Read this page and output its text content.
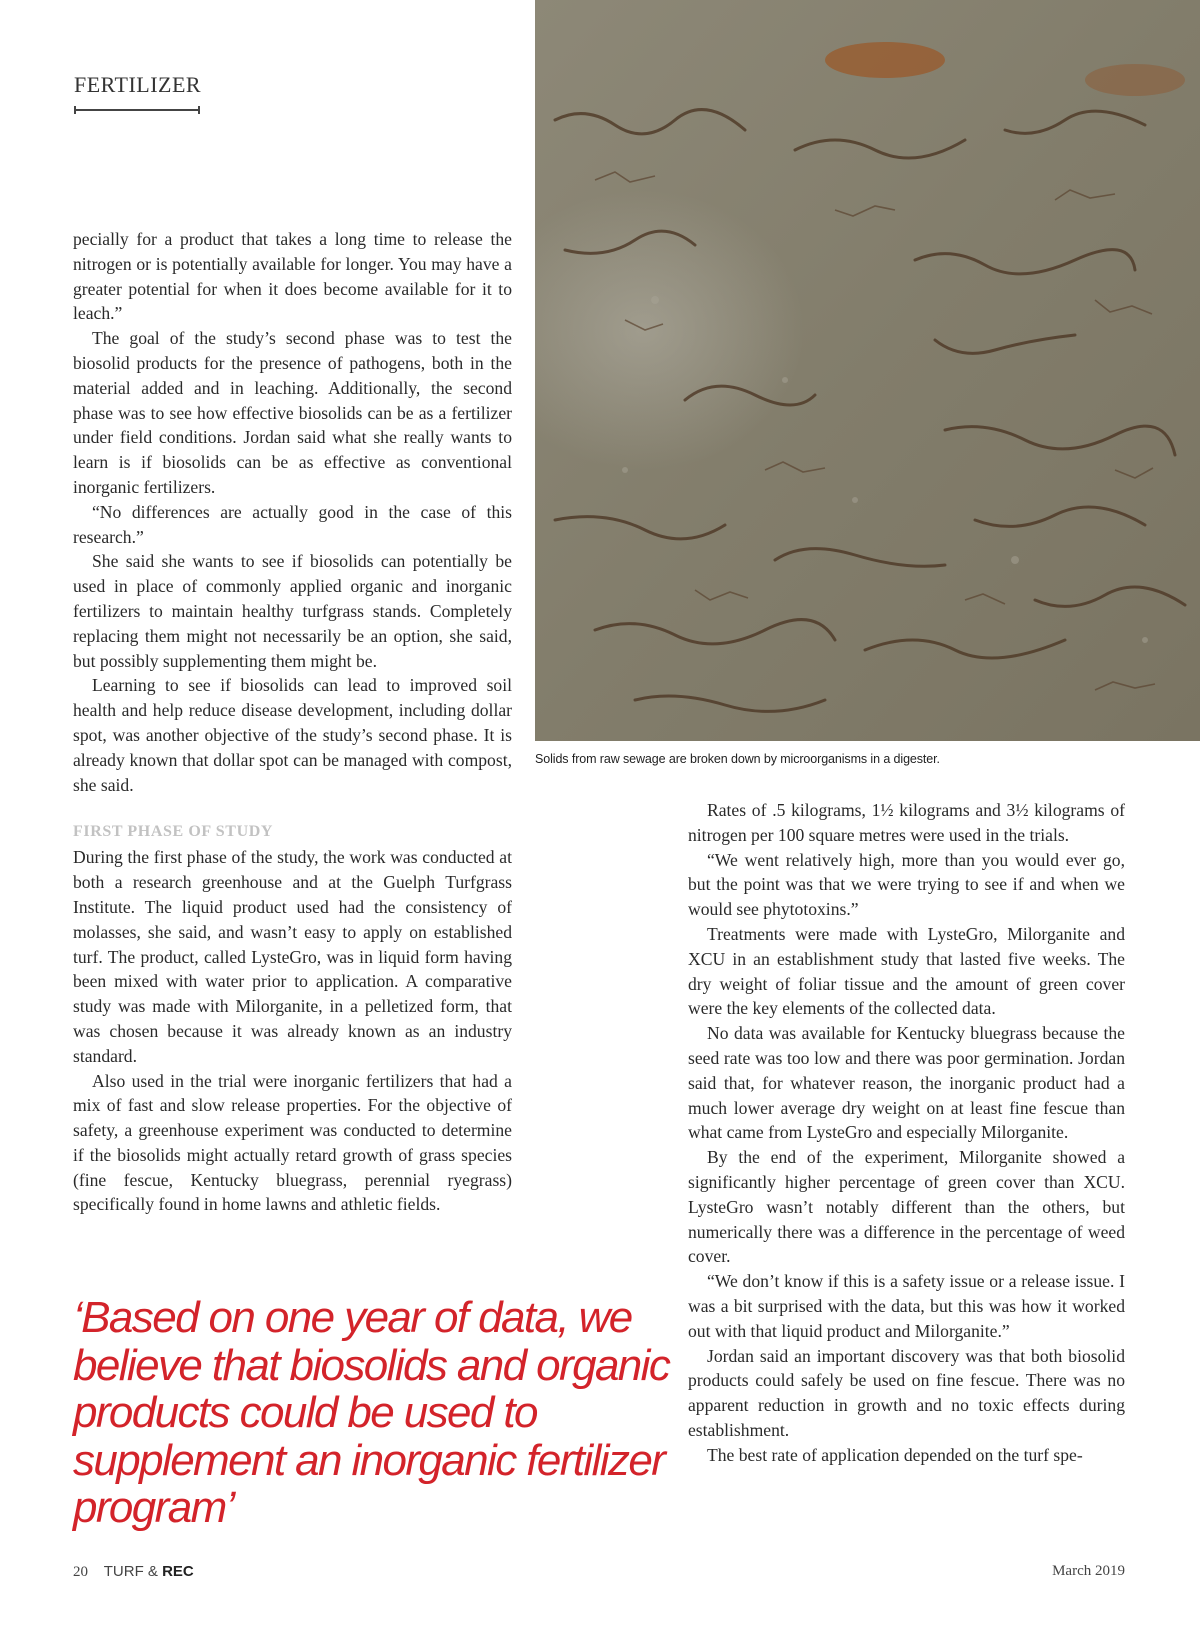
FERTILIZER
Solids from raw sewage are broken down by microorganisms in a digester.

pecially for a product that takes a long time to release the nitrogen or is potentially available for longer. You may have a greater potential for when it does become available for it to leach.”

The goal of the study’s second phase was to test the biosolid products for the presence of pathogens, both in the material added and in leaching. Additionally, the second phase was to see how effective biosolids can be as a fertilizer under field conditions. Jordan said what she really wants to learn is if biosolids can be as effective as conventional inorganic fertilizers.

“No differences are actually good in the case of this research.”

She said she wants to see if biosolids can potentially be used in place of commonly applied organic and inorganic fertilizers to maintain healthy turfgrass stands. Completely replacing them might not necessarily be an option, she said, but possibly supplementing them might be.

Learning to see if biosolids can lead to improved soil health and help reduce disease development, including dollar spot, was another objective of the study’s second phase. It is already known that dollar spot can be managed with compost, she said.

FIRST PHASE OF STUDY

During the first phase of the study, the work was conducted at both a research greenhouse and at the Guelph Turfgrass Institute. The liquid product used had the consistency of molasses, she said, and wasn’t easy to apply on established turf. The product, called LysteGro, was in liquid form having been mixed with water prior to application. A comparative study was made with Milorganite, in a pelletized form, that was chosen because it was already known as an industry standard.

Also used in the trial were inorganic fertilizers that had a mix of fast and slow release properties. For the objective of safety, a greenhouse experiment was conducted to determine if the biosolids might actually retard growth of grass species (fine fescue, Kentucky bluegrass, perennial ryegrass) specifically found in home lawns and athletic fields.

‘Based on one year of data, we believe that biosolids and organic products could be used to supplement an inorganic fertilizer program’

Rates of .5 kilograms, 1½ kilograms and 3½ kilograms of nitrogen per 100 square metres were used in the trials.

“We went relatively high, more than you would ever go, but the point was that we were trying to see if and when we would see phytotoxins.”

Treatments were made with LysteGro, Milorganite and XCU in an establishment study that lasted five weeks. The dry weight of foliar tissue and the amount of green cover were the key elements of the collected data.

No data was available for Kentucky bluegrass because the seed rate was too low and there was poor germination. Jordan said that, for whatever reason, the inorganic product had a much lower average dry weight on at least fine fescue than what came from LysteGro and especially Milorganite.

By the end of the experiment, Milorganite showed a significantly higher percentage of green cover than XCU. LysteGro wasn’t notably different than the others, but numerically there was a difference in the percentage of weed cover.

“We don’t know if this is a safety issue or a release issue. I was a bit surprised with the data, but this was how it worked out with that liquid product and Milorganite.”

Jordan said an important discovery was that both biosolid products could safely be used on fine fescue. There was no apparent reduction in growth and no toxic effects during establishment.

The best rate of application depended on the turf spe-

20 TURF & REC	March 2019
